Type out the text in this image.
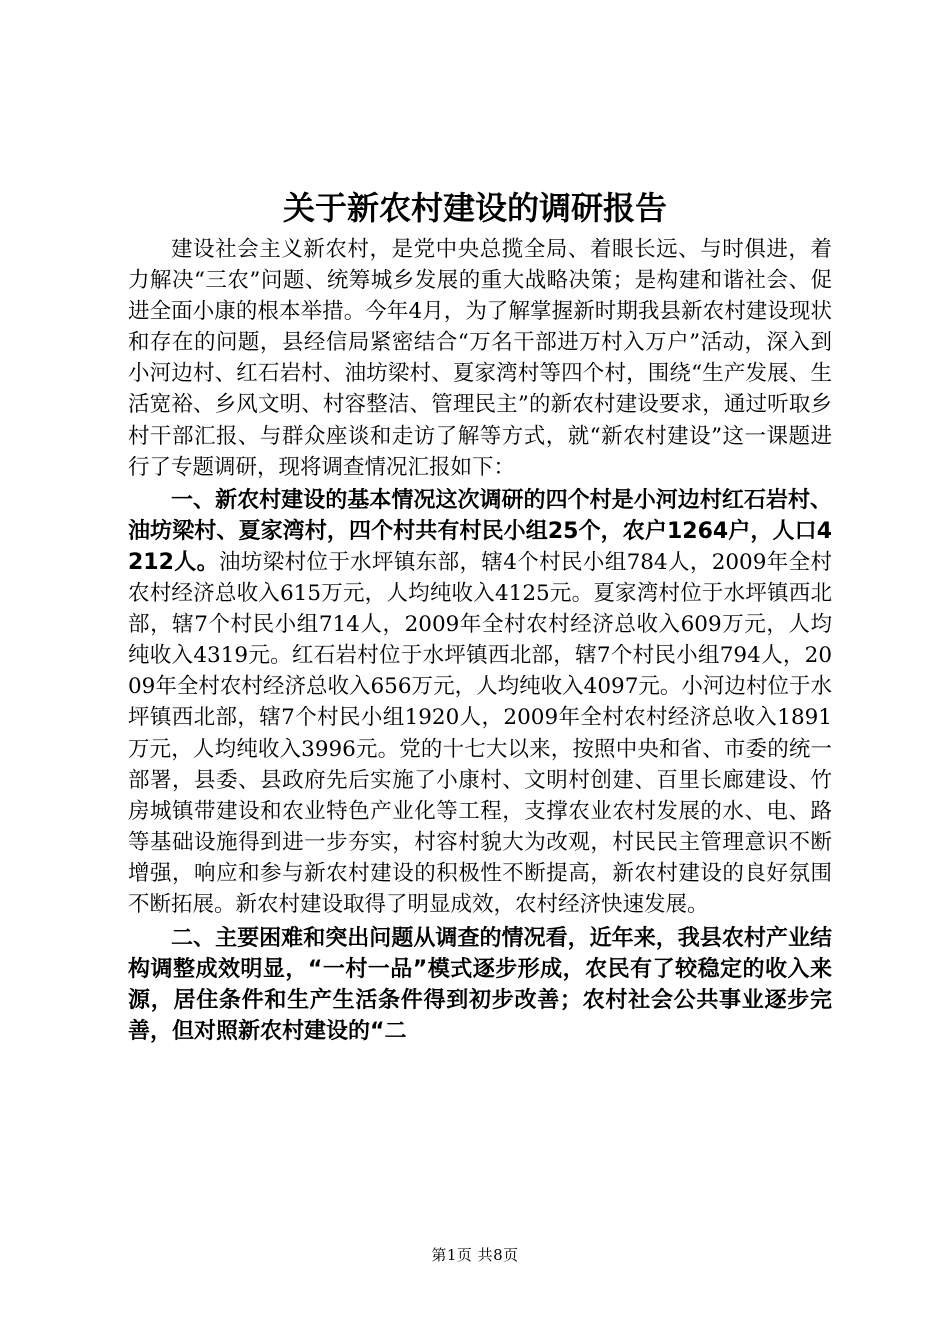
关于新农村建设的调研报告

建设社会主义新农村，是党中央总揽全局、着眼长远、与时俱进，着力解决“三农”问题、统筹城乡发展的重大战略决策；是构建和谐社会、促进全面小康的根本举措。今年4月，为了解掌握新时期我县新农村建设现状和存在的问题，县经信局紧密结合“万名干部进万村入万户”活动，深入到小河边村、红石岩村、油坊梁村、夏家湾村等四个村，围绕“生产发展、生活宽裕、乡风文明、村容整洁、管理民主”的新农村建设要求，通过听取乡村干部汇报、与群众座谈和走访了解等方式，就“新农村建设”这一课题进行了专题调研，现将调查情况汇报如下：

一、新农村建设的基本情况这次调研的四个村是小河边村红石岩村、油坊梁村、夏家湾村，四个村共有村民小组25个，农户1264户，人口4212人。油坊梁村位于水坪镇东部，辖4个村民小组784人，2009年全村农村经济总收入615万元，人均纯收入4125元。夏家湾村位于水坪镇西北部，辖7个村民小组714人，2009年全村农村经济总收入609万元，人均纯收入4319元。红石岩村位于水坪镇西北部，辖7个村民小组794人，2009年全村农村经济总收入656万元，人均纯收入4097元。小河边村位于水坪镇西北部，辖7个村民小组1920人，2009年全村农村经济总收入1891万元，人均纯收入3996元。党的十七大以来，按照中央和省、市委的统一部署，县委、县政府先后实施了小康村、文明村创建、百里长廊建设、竹房城镇带建设和农业特色产业化等工程，支撑农业农村发展的水、电、路等基础设施得到进一步夯实，村容村貌大为改观，村民民主管理意识不断增强，响应和参与新农村建设的积极性不断提高，新农村建设的良好氛围不断拓展。新农村建设取得了明显成效，农村经济快速发展。

二、主要困难和突出问题从调查的情况看，近年来，我县农村产业结构调整成效明显，“一村一品”模式逐步形成，农民有了较稳定的收入来源，居住条件和生产生活条件得到初步改善；农村社会公共事业逐步完善，但对照新农村建设的“二

第1页 共8页
